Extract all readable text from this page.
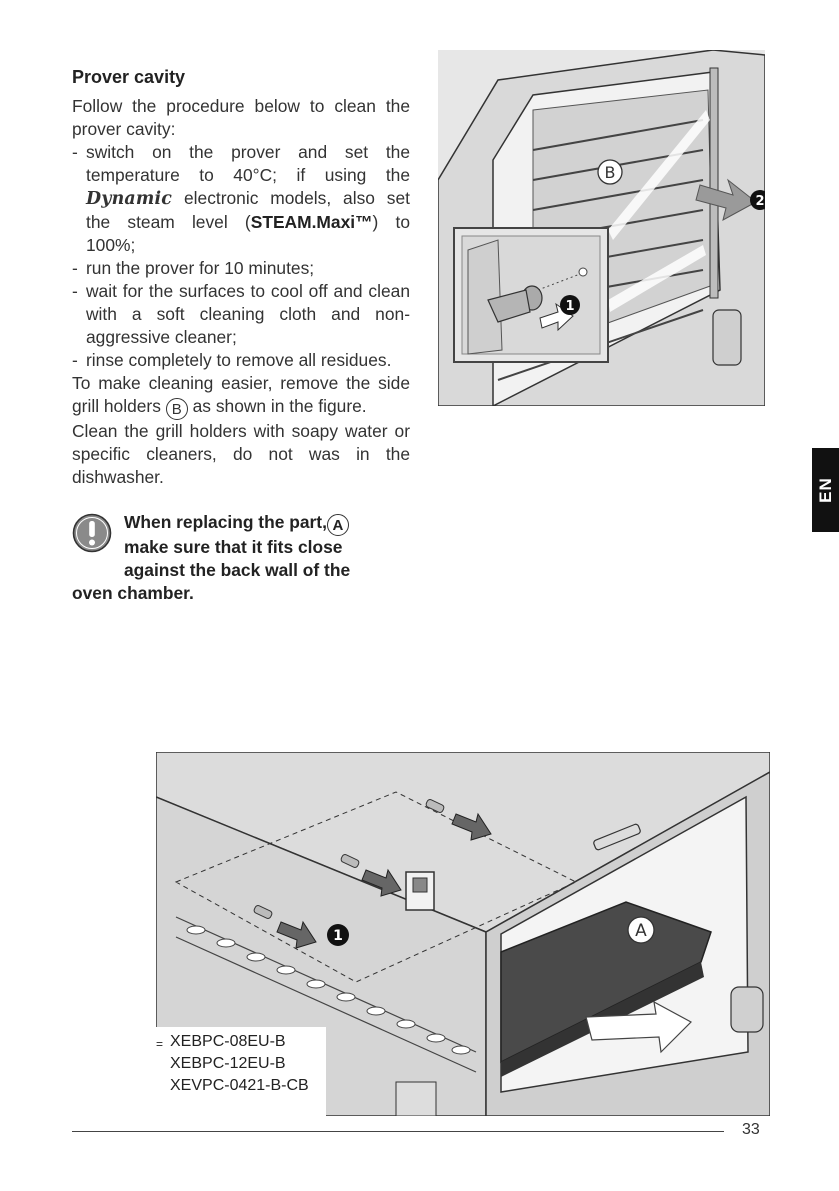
Prover cavity

Follow the procedure below to clean the prover cavity:

- switch on the prover and set the temperature to 40°C; if using the Dynamic electronic models, also set the steam level (STEAM.Maxi™) to 100%;
- run the prover for 10 minutes;
- wait for the surfaces to cool off and clean with a soft cleaning cloth and non-aggressive cleaner;
- rinse completely to remove all residues.

To make cleaning easier, remove the side grill holders B as shown in the figure.

Clean the grill holders with soapy water or specific cleaners, do not was in the dishwasher.

When replacing the part, A

make sure that it fits close

against the back wall of the

oven chamber.

2
B
1
1	A
= XEBPC-08EU-B
XEBPC-12EU-B
XEVPC-0421-B-CB
EN
33
